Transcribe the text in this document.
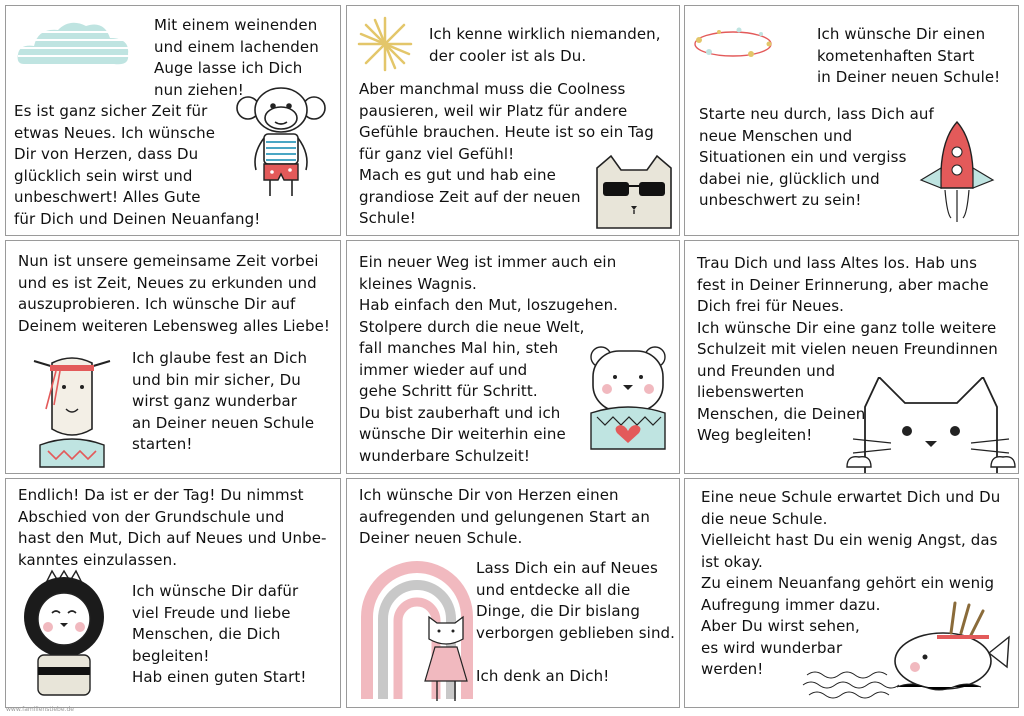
Mit einem weinenden
und einem lachenden
Auge lasse ich Dich
nun ziehen!
Es ist ganz sicher Zeit für
etwas Neues. Ich wünsche
Dir von Herzen, dass Du
glücklich sein wirst und
unbeschwert! Alles Gute
für Dich und Deinen Neuanfang!
Ich kenne wirklich niemanden,
der cooler ist als Du.
Aber manchmal muss die Coolness
pausieren, weil wir Platz für andere
Gefühle brauchen. Heute ist so ein Tag
für ganz viel Gefühl!
Mach es gut und hab eine
grandiose Zeit auf der neuen
Schule!
Ich wünsche Dir einen
kometenhaften Start
in Deiner neuen Schule!
Starte neu durch, lass Dich auf
neue Menschen und
Situationen ein und vergiss
dabei nie, glücklich und
unbeschwert zu sein!
Nun ist unsere gemeinsame Zeit vorbei
und es ist Zeit, Neues zu erkunden und
auszuprobieren. Ich wünsche Dir auf
Deinem weiteren Lebensweg alles Liebe!
Ich glaube fest an Dich
und bin mir sicher, Du
wirst ganz wunderbar
an Deiner neuen Schule
starten!
Ein neuer Weg ist immer auch ein
kleines Wagnis.
Hab einfach den Mut, loszugehen.
Stolpere durch die neue Welt,
fall manches Mal hin, steh
immer wieder auf und
gehe Schritt für Schritt.
Du bist zauberhaft und ich
wünsche Dir weiterhin eine
wunderbare Schulzeit!
Trau Dich und lass Altes los. Hab uns
fest in Deiner Erinnerung, aber mache
Dich frei für Neues.
Ich wünsche Dir eine ganz tolle weitere
Schulzeit mit vielen neuen Freundinnen
und Freunden und
liebenswerten
Menschen, die Deinen
Weg begleiten!
Endlich! Da ist er der Tag! Du nimmst
Abschied von der Grundschule und
hast den Mut, Dich auf Neues und Unbe-
kanntes einzulassen.
Ich wünsche Dir dafür
viel Freude und liebe
Menschen, die Dich
begleiten!
Hab einen guten Start!
Ich wünsche Dir von Herzen einen
aufregenden und gelungenen Start an
Deiner neuen Schule.
Lass Dich ein auf Neues
und entdecke all die
Dinge, die Dir bislang
verborgen geblieben sind.

Ich denk an Dich!
Eine neue Schule erwartet Dich und Du
die neue Schule.
Vielleicht hast Du ein wenig Angst, das
ist okay.
Zu einem Neuanfang gehört ein wenig
Aufregung immer dazu.
Aber Du wirst sehen,
es wird wunderbar
werden!
www.familienstiebe.de
